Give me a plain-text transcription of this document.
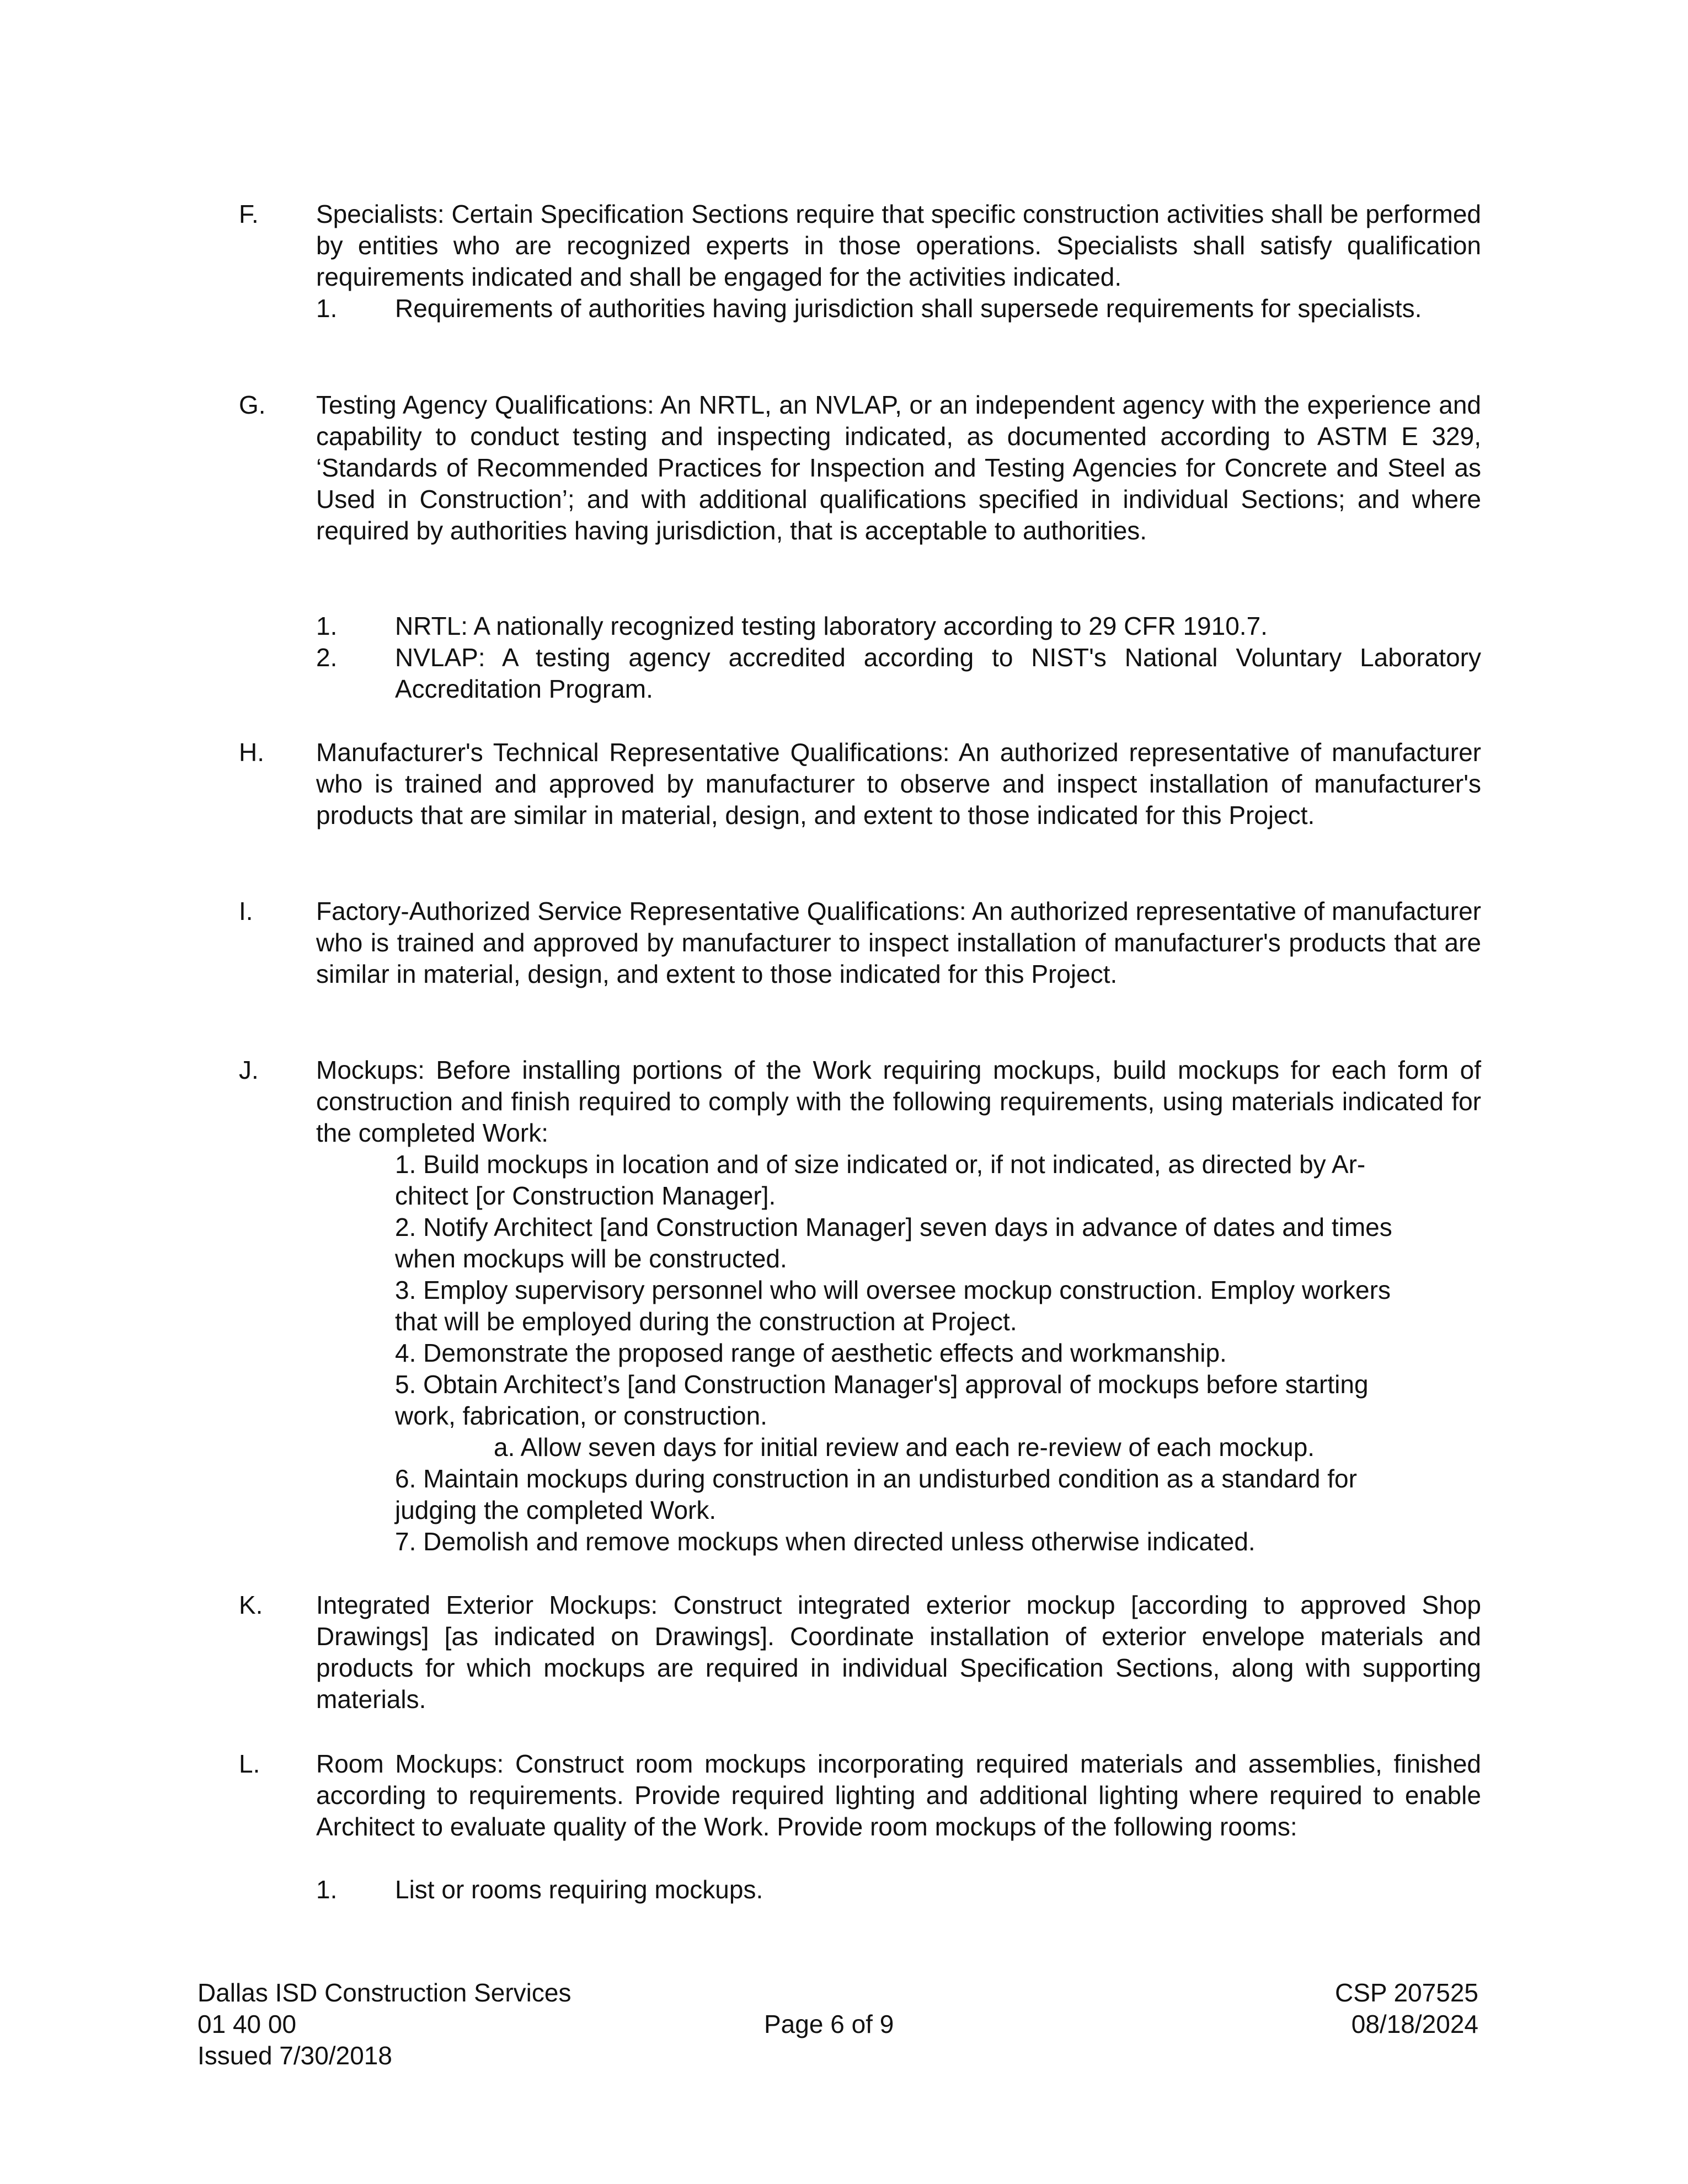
F. Specialists: Certain Specification Sections require that specific construction activities shall be performed by entities who are recognized experts in those operations. Specialists shall satisfy qualification requirements indicated and shall be engaged for the activities indicated.
1. Requirements of authorities having jurisdiction shall supersede requirements for specialists.
G. Testing Agency Qualifications: An NRTL, an NVLAP, or an independent agency with the experience and capability to conduct testing and inspecting indicated, as documented according to ASTM E 329, ‘Standards of Recommended Practices for Inspection and Testing Agencies for Concrete and Steel as Used in Construction’; and with additional qualifications specified in individual Sections; and where required by authorities having jurisdiction, that is acceptable to authorities.
1. NRTL: A nationally recognized testing laboratory according to 29 CFR 1910.7.
2. NVLAP: A testing agency accredited according to NIST's National Voluntary Laboratory Accreditation Program.
H. Manufacturer's Technical Representative Qualifications: An authorized representative of manufacturer who is trained and approved by manufacturer to observe and inspect installation of manufacturer's products that are similar in material, design, and extent to those indicated for this Project.
I. Factory-Authorized Service Representative Qualifications: An authorized representative of manufacturer who is trained and approved by manufacturer to inspect installation of manufacturer's products that are similar in material, design, and extent to those indicated for this Project.
J. Mockups: Before installing portions of the Work requiring mockups, build mockups for each form of construction and finish required to comply with the following requirements, using materials indicated for the completed Work:
1. Build mockups in location and of size indicated or, if not indicated, as directed by Ar-
chitect [or Construction Manager].
2. Notify Architect [and Construction Manager] seven days in advance of dates and times
when mockups will be constructed.
3. Employ supervisory personnel who will oversee mockup construction. Employ workers
that will be employed during the construction at Project.
4. Demonstrate the proposed range of aesthetic effects and workmanship.
5. Obtain Architect’s [and Construction Manager's] approval of mockups before starting
work, fabrication, or construction.
a. Allow seven days for initial review and each re-review of each mockup.
6. Maintain mockups during construction in an undisturbed condition as a standard for
judging the completed Work.
7. Demolish and remove mockups when directed unless otherwise indicated.
K. Integrated Exterior Mockups: Construct integrated exterior mockup [according to approved Shop Drawings] [as indicated on Drawings]. Coordinate installation of exterior envelope materials and products for which mockups are required in individual Specification Sections, along with supporting materials.
L. Room Mockups: Construct room mockups incorporating required materials and assemblies, finished according to requirements. Provide required lighting and additional lighting where required to enable Architect to evaluate quality of the Work. Provide room mockups of the following rooms:
1. List or rooms requiring mockups.
Dallas ISD Construction Services
01 40 00
Issued 7/30/2018
Page 6 of 9
CSP 207525
08/18/2024
